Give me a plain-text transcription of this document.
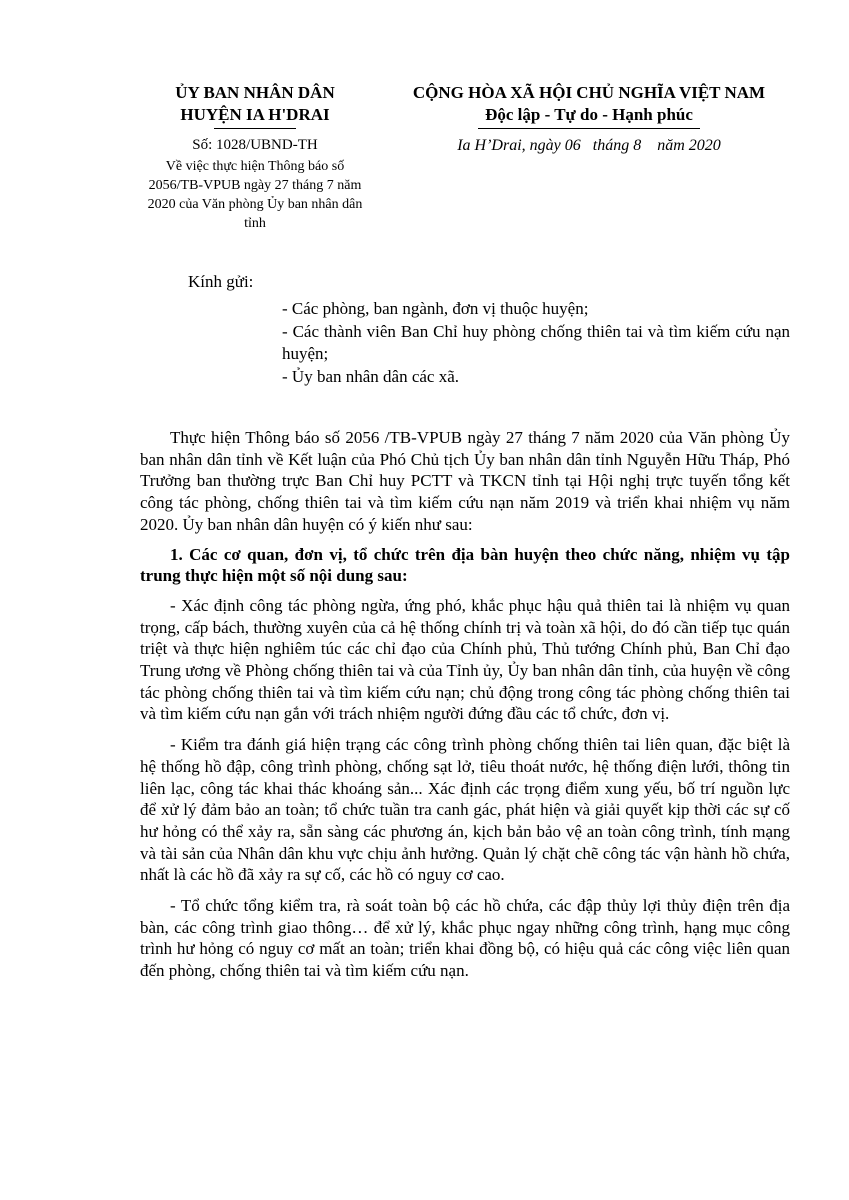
ỦY BAN NHÂN DÂN
HUYỆN IA H'DRAI
Số: 1028/UBND-TH
Về việc thực hiện Thông báo số 2056/TB-VPUB ngày 27 tháng 7 năm 2020 của Văn phòng Ủy ban nhân dân tỉnh
CỘNG HÒA XÃ HỘI CHỦ NGHĨA VIỆT NAM
Độc lập - Tự do - Hạnh phúc
Ia H’Drai, ngày 06 tháng 8 năm 2020
Kính gửi:
- Các phòng, ban ngành, đơn vị thuộc huyện;
- Các thành viên Ban Chỉ huy phòng chống thiên tai và tìm kiếm cứu nạn huyện;
- Ủy ban nhân dân các xã.

Thực hiện Thông báo số 2056 /TB-VPUB ngày 27 tháng 7 năm 2020 của Văn phòng Ủy ban nhân dân tỉnh về Kết luận của Phó Chủ tịch Ủy ban nhân dân tỉnh Nguyễn Hữu Tháp, Phó Trưởng ban thường trực Ban Chỉ huy PCTT và TKCN tỉnh tại Hội nghị trực tuyến tổng kết công tác phòng, chống thiên tai và tìm kiếm cứu nạn năm 2019 và triển khai nhiệm vụ năm 2020. Ủy ban nhân dân huyện có ý kiến như sau:

1. Các cơ quan, đơn vị, tổ chức trên địa bàn huyện theo chức năng, nhiệm vụ tập trung thực hiện một số nội dung sau:

- Xác định công tác phòng ngừa, ứng phó, khắc phục hậu quả thiên tai là nhiệm vụ quan trọng, cấp bách, thường xuyên của cả hệ thống chính trị và toàn xã hội, do đó cần tiếp tục quán triệt và thực hiện nghiêm túc các chỉ đạo của Chính phủ, Thủ tướng Chính phủ, Ban Chỉ đạo Trung ương về Phòng chống thiên tai và của Tỉnh ủy, Ủy ban nhân dân tỉnh, của huyện về công tác phòng chống thiên tai và tìm kiếm cứu nạn; chủ động trong công tác phòng chống thiên tai và tìm kiếm cứu nạn gắn với trách nhiệm người đứng đầu các tổ chức, đơn vị.

- Kiểm tra đánh giá hiện trạng các công trình phòng chống thiên tai liên quan, đặc biệt là hệ thống hồ đập, công trình phòng, chống sạt lở, tiêu thoát nước, hệ thống điện lưới, thông tin liên lạc, công tác khai thác khoáng sản... Xác định các trọng điểm xung yếu, bố trí nguồn lực để xử lý đảm bảo an toàn; tổ chức tuần tra canh gác, phát hiện và giải quyết kịp thời các sự cố hư hỏng có thể xảy ra, sẵn sàng các phương án, kịch bản bảo vệ an toàn công trình, tính mạng và tài sản của Nhân dân khu vực chịu ảnh hưởng. Quản lý chặt chẽ công tác vận hành hồ chứa, nhất là các hồ đã xảy ra sự cố, các hồ có nguy cơ cao.

- Tổ chức tổng kiểm tra, rà soát toàn bộ các hồ chứa, các đập thủy lợi thủy điện trên địa bàn, các công trình giao thông… để xử lý, khắc phục ngay những công trình, hạng mục công trình hư hỏng có nguy cơ mất an toàn; triển khai đồng bộ, có hiệu quả các công việc liên quan đến phòng, chống thiên tai và tìm kiếm cứu nạn.
